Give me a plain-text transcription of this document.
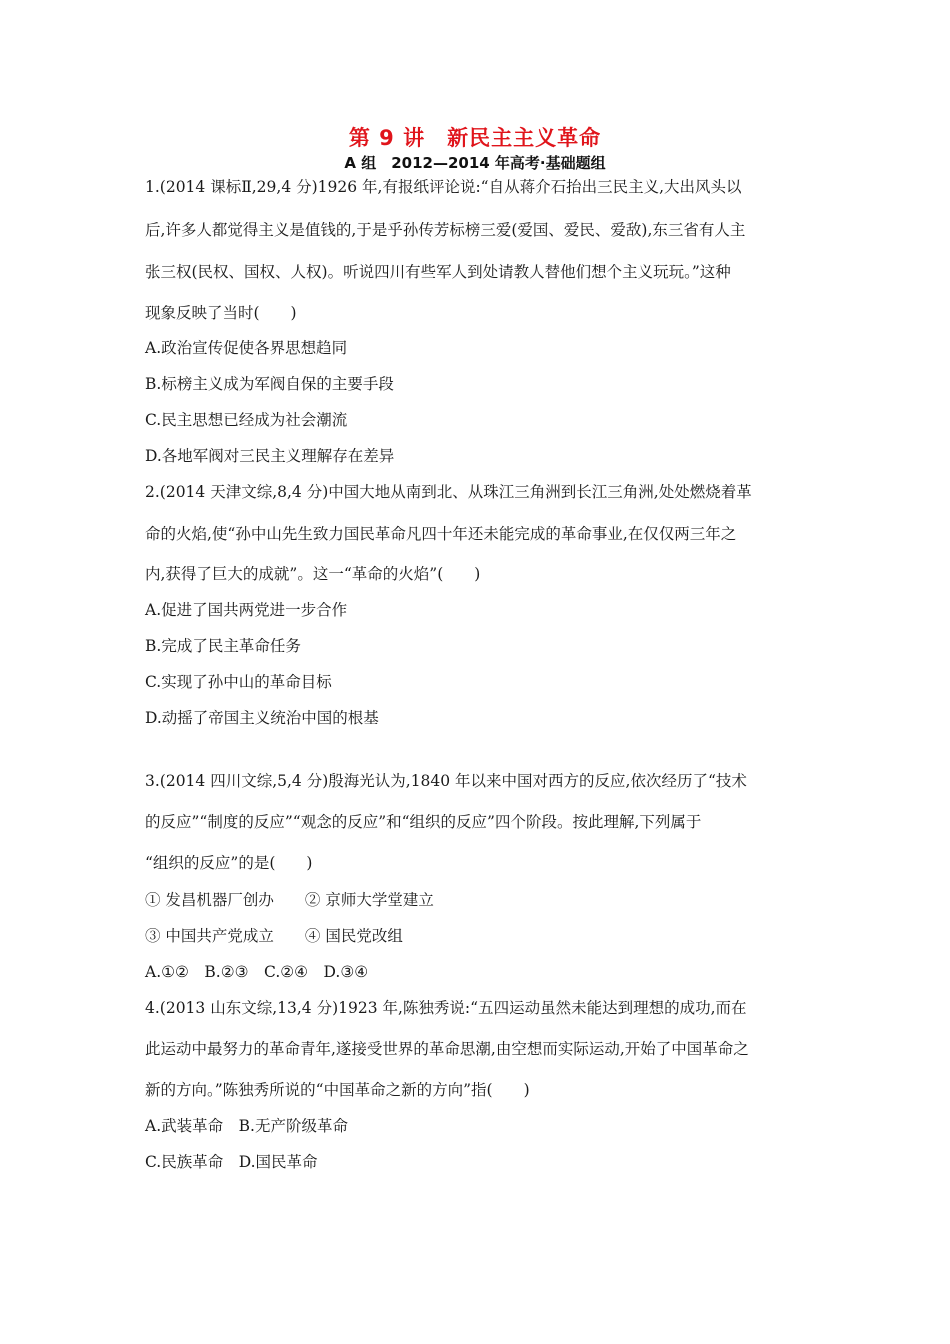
第 9 讲　新民主主义革命
A 组　2012—2014 年高考·基础题组
1.(2014 课标Ⅱ,29,4 分)1926 年,有报纸评论说:“自从蒋介石抬出三民主义,大出风头以
后,许多人都觉得主义是值钱的,于是乎孙传芳标榜三爱(爱国、爱民、爱敌),东三省有人主
张三权(民权、国权、人权)。听说四川有些军人到处请教人替他们想个主义玩玩。”这种
现象反映了当时(　　)
A.政治宣传促使各界思想趋同
B.标榜主义成为军阀自保的主要手段
C.民主思想已经成为社会潮流
D.各地军阀对三民主义理解存在差异
2.(2014 天津文综,8,4 分)中国大地从南到北、从珠江三角洲到长江三角洲,处处燃烧着革
命的火焰,使“孙中山先生致力国民革命凡四十年还未能完成的革命事业,在仅仅两三年之
内,获得了巨大的成就”。这一“革命的火焰”(　　)
A.促进了国共两党进一步合作
B.完成了民主革命任务
C.实现了孙中山的革命目标
D.动摇了帝国主义统治中国的根基
3.(2014 四川文综,5,4 分)殷海光认为,1840 年以来中国对西方的反应,依次经历了“技术
的反应”“制度的反应”“观念的反应”和“组织的反应”四个阶段。按此理解,下列属于
“组织的反应”的是(　　)
① 发昌机器厂创办　　② 京师大学堂建立
③ 中国共产党成立　　④ 国民党改组
A.①②　B.②③　C.②④　D.③④
4.(2013 山东文综,13,4 分)1923 年,陈独秀说:“五四运动虽然未能达到理想的成功,而在
此运动中最努力的革命青年,遂接受世界的革命思潮,由空想而实际运动,开始了中国革命之
新的方向。”陈独秀所说的“中国革命之新的方向”指(　　)
A.武装革命　B.无产阶级革命
C.民族革命　D.国民革命
